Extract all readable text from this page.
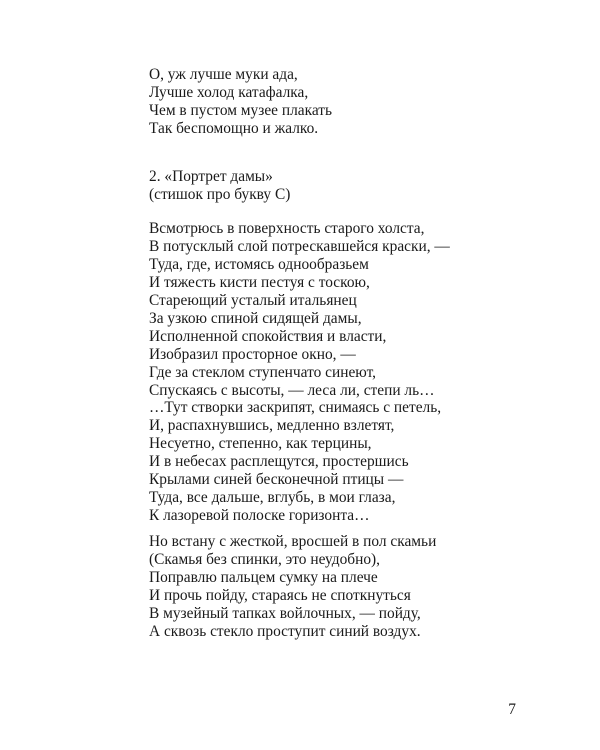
О, уж лучше муки ада,
Лучше холод катафалка,
Чем в пустом музее плакать
Так беспомощно и жалко.
2. «Портрет дамы»
(стишок про букву С)
Всмотрюсь в поверхность старого холста,
В потусклый слой потрескавшейся краски, —
Туда, где, истомясь однообразьем
И тяжесть кисти пестуя с тоскою,
Стареющий усталый итальянец
За узкою спиной сидящей дамы,
Исполненной спокойствия и власти,
Изобразил просторное окно, —
Где за стеклом ступенчато синеют,
Спускаясь с высоты, — леса ли, степи ль…
…Тут створки заскрипят, снимаясь с петель,
И, распахнувшись, медленно взлетят,
Несуетно, степенно, как терцины,
И в небесах расплещутся, простершись
Крылами синей бесконечной птицы —
Туда, все дальше, вглубь, в мои глаза,
К лазоревой полоске горизонта…
Но встану с жесткой, вросшей в пол скамьи
(Скамья без спинки, это неудобно),
Поправлю пальцем сумку на плече
И прочь пойду, стараясь не споткнуться
В музейный тапках войлочных, — пойду,
А сквозь стекло проступит синий воздух.
7
